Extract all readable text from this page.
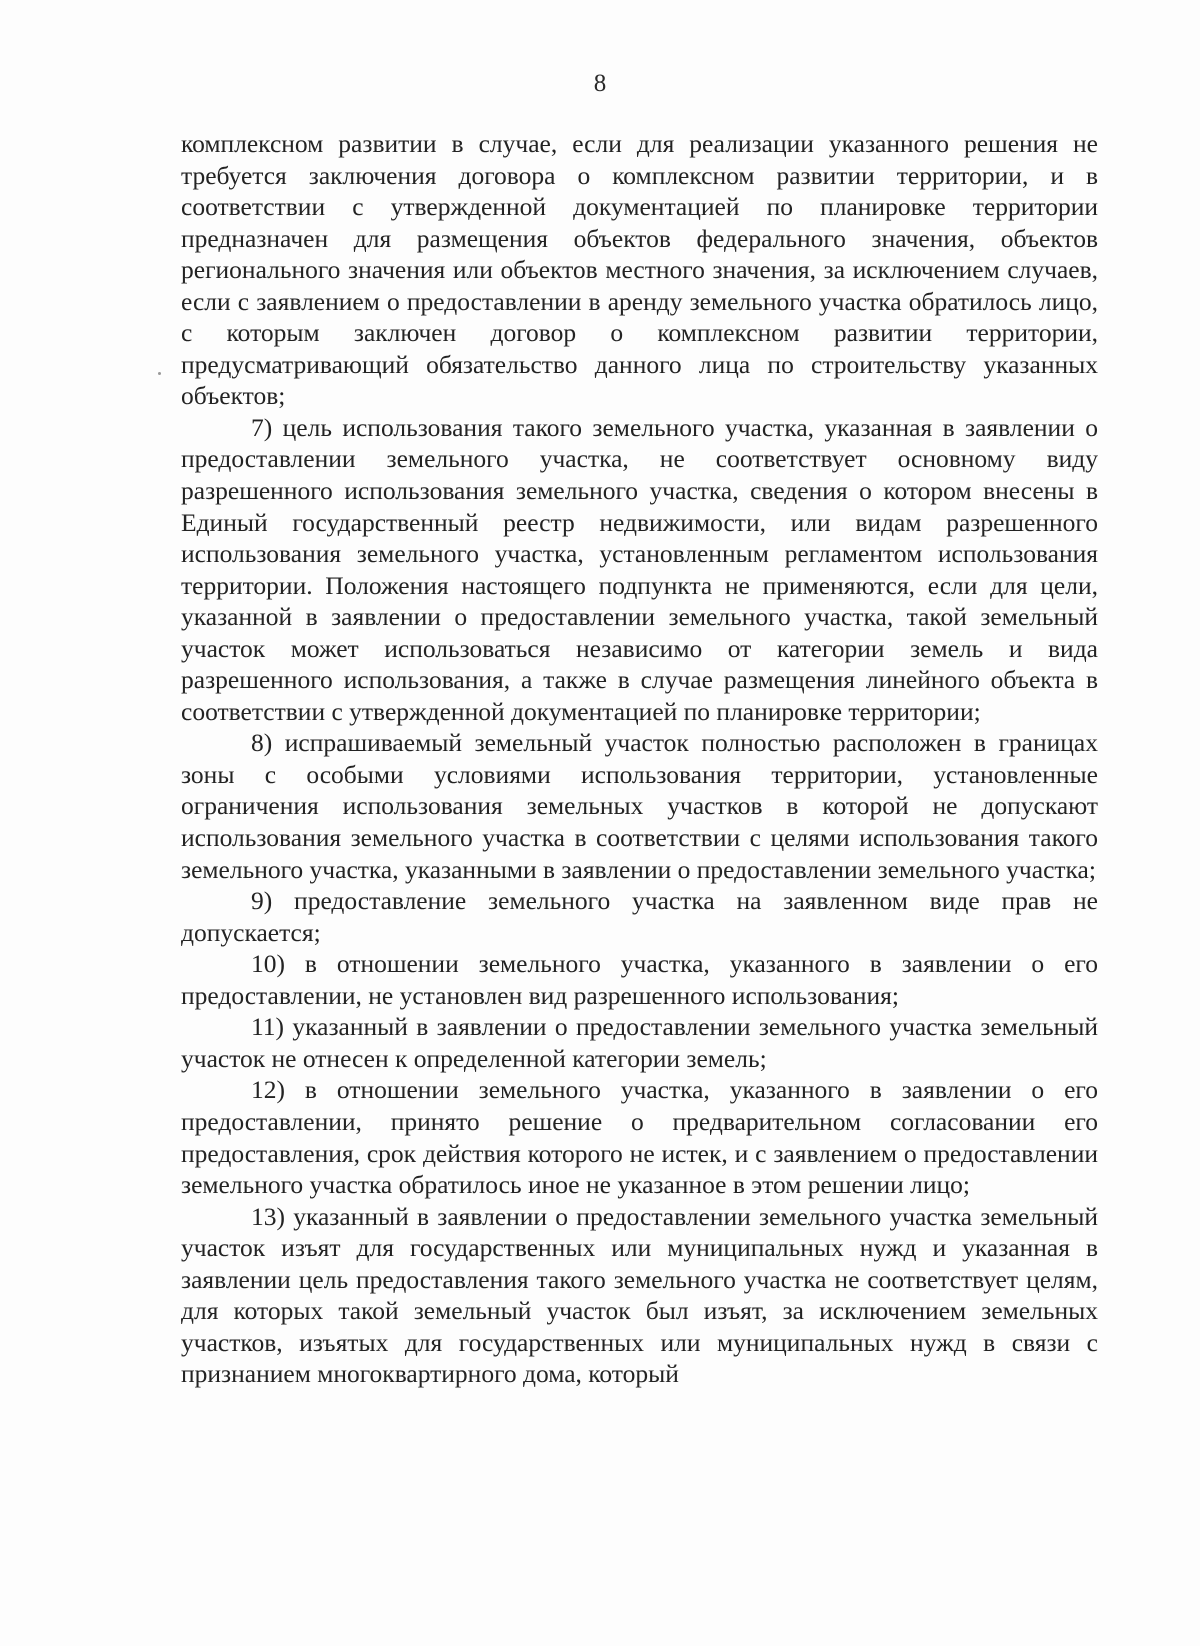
8

комплексном развитии в случае, если для реализации указанного решения не требуется заключения договора о комплексном развитии территории, и в соответствии с утвержденной документацией по планировке территории предназначен для размещения объектов федерального значения, объектов регионального значения или объектов местного значения, за исключением случаев, если с заявлением о предоставлении в аренду земельного участка обратилось лицо, с которым заключен договор о комплексном развитии территории, предусматривающий обязательство данного лица по строительству указанных объектов;

7) цель использования такого земельного участка, указанная в заявлении о предоставлении земельного участка, не соответствует основному виду разрешенного использования земельного участка, сведения о котором внесены в Единый государственный реестр недвижимости, или видам разрешенного использования земельного участка, установленным регламентом использования территории. Положения настоящего подпункта не применяются, если для цели, указанной в заявлении о предоставлении земельного участка, такой земельный участок может использоваться независимо от категории земель и вида разрешенного использования, а также в случае размещения линейного объекта в соответствии с утвержденной документацией по планировке территории;

8) испрашиваемый земельный участок полностью расположен в границах зоны с особыми условиями использования территории, установленные ограничения использования земельных участков в которой не допускают использования земельного участка в соответствии с целями использования такого земельного участка, указанными в заявлении о предоставлении земельного участка;

9) предоставление земельного участка на заявленном виде прав не допускается;

10) в отношении земельного участка, указанного в заявлении о его предоставлении, не установлен вид разрешенного использования;

11) указанный в заявлении о предоставлении земельного участка земельный участок не отнесен к определенной категории земель;

12) в отношении земельного участка, указанного в заявлении о его предоставлении, принято решение о предварительном согласовании его предоставления, срок действия которого не истек, и с заявлением о предоставлении земельного участка обратилось иное не указанное в этом решении лицо;

13) указанный в заявлении о предоставлении земельного участка земельный участок изъят для государственных или муниципальных нужд и указанная в заявлении цель предоставления такого земельного участка не соответствует целям, для которых такой земельный участок был изъят, за исключением земельных участков, изъятых для государственных или муниципальных нужд в связи с признанием многоквартирного дома, который
